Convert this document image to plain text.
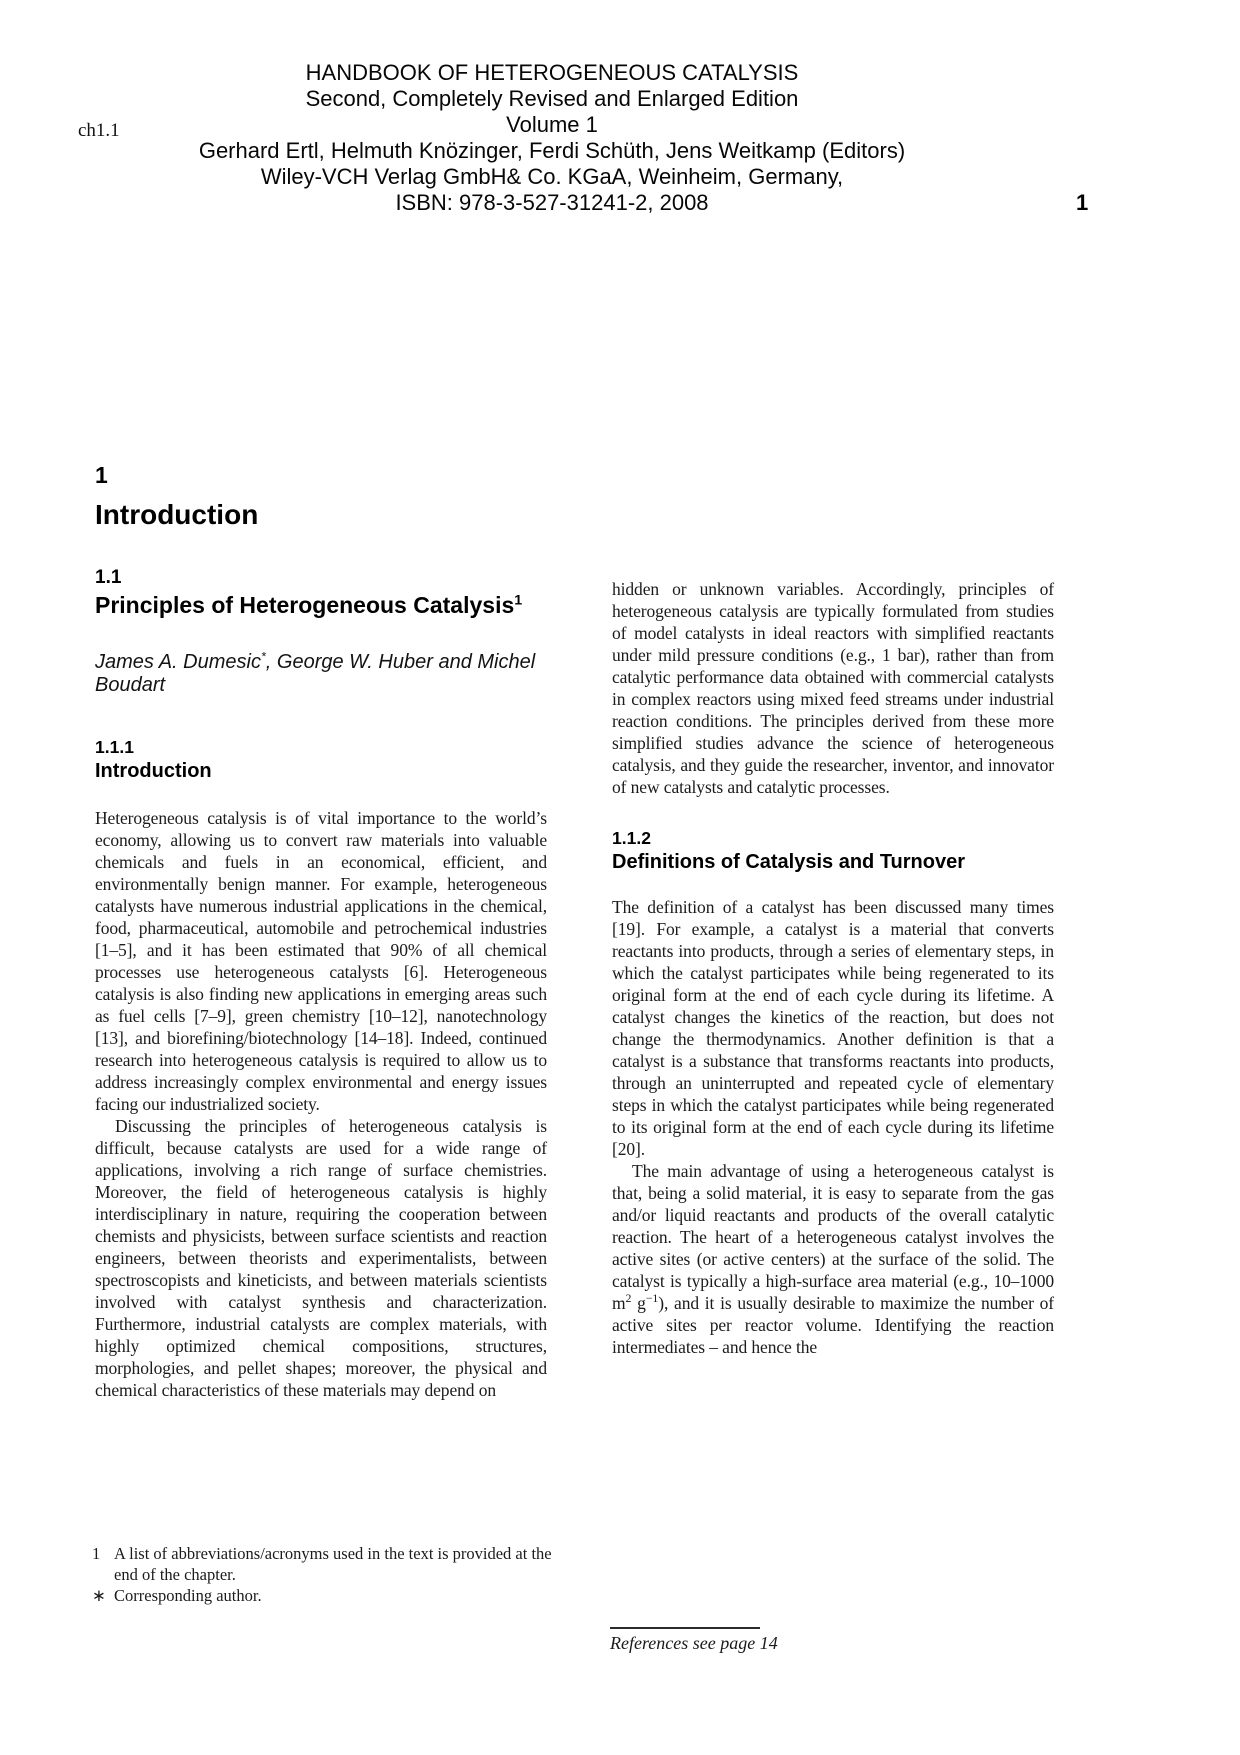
ch1.1
HANDBOOK OF HETEROGENEOUS CATALYSIS
Second, Completely Revised and Enlarged Edition
Volume 1
Gerhard Ertl, Helmuth Knözinger, Ferdi Schüth, Jens Weitkamp (Editors)
Wiley-VCH Verlag GmbH& Co. KGaA, Weinheim, Germany,
ISBN: 978-3-527-31241-2, 2008	1
1
Introduction
1.1
Principles of Heterogeneous Catalysis$^1$
James A. Dumesic*, George W. Huber and Michel Boudart
1.1.1
Introduction

Heterogeneous catalysis is of vital importance to the world’s economy, allowing us to convert raw materials into valuable chemicals and fuels in an economical, efficient, and environmentally benign manner. For example, heterogeneous catalysts have numerous industrial applications in the chemical, food, pharmaceutical, automobile and petrochemical industries [1–5], and it has been estimated that 90% of all chemical processes use heterogeneous catalysts [6]. Heterogeneous catalysis is also finding new applications in emerging areas such as fuel cells [7–9], green chemistry [10–12], nanotechnology [13], and biorefining/biotechnology [14–18]. Indeed, continued research into heterogeneous catalysis is required to allow us to address increasingly complex environmental and energy issues facing our industrialized society.

Discussing the principles of heterogeneous catalysis is difficult, because catalysts are used for a wide range of applications, involving a rich range of surface chemistries. Moreover, the field of heterogeneous catalysis is highly interdisciplinary in nature, requiring the cooperation between chemists and physicists, between surface scientists and reaction engineers, between theorists and experimentalists, between spectroscopists and kineticists, and between materials scientists involved with catalyst synthesis and characterization. Furthermore, industrial catalysts are complex materials, with highly optimized chemical compositions, structures, morphologies, and pellet shapes; moreover, the physical and chemical characteristics of these materials may depend on

hidden or unknown variables. Accordingly, principles of heterogeneous catalysis are typically formulated from studies of model catalysts in ideal reactors with simplified reactants under mild pressure conditions (e.g., 1 bar), rather than from catalytic performance data obtained with commercial catalysts in complex reactors using mixed feed streams under industrial reaction conditions. The principles derived from these more simplified studies advance the science of heterogeneous catalysis, and they guide the researcher, inventor, and innovator of new catalysts and catalytic processes.

1.1.2
Definitions of Catalysis and Turnover

The definition of a catalyst has been discussed many times [19]. For example, a catalyst is a material that converts reactants into products, through a series of elementary steps, in which the catalyst participates while being regenerated to its original form at the end of each cycle during its lifetime. A catalyst changes the kinetics of the reaction, but does not change the thermodynamics. Another definition is that a catalyst is a substance that transforms reactants into products, through an uninterrupted and repeated cycle of elementary steps in which the catalyst participates while being regenerated to its original form at the end of each cycle during its lifetime [20].

The main advantage of using a heterogeneous catalyst is that, being a solid material, it is easy to separate from the gas and/or liquid reactants and products of the overall catalytic reaction. The heart of a heterogeneous catalyst involves the active sites (or active centers) at the surface of the solid. The catalyst is typically a high-surface area material (e.g., 10–1000 $m^2$ $g^{-1}$), and it is usually desirable to maximize the number of active sites per reactor volume. Identifying the reaction intermediates – and hence the

1 A list of abbreviations/acronyms used in the text is provided at the end of the chapter.
∗ Corresponding author.
References see page 14
